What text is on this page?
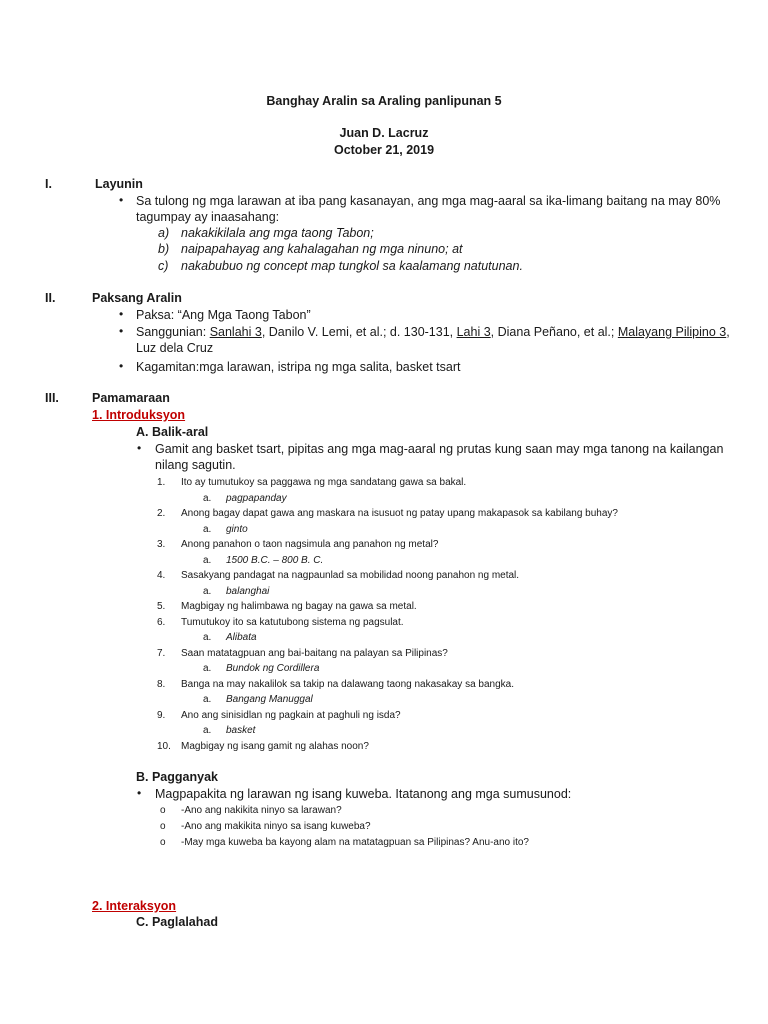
Banghay Aralin sa Araling panlipunan 5
Juan D. Lacruz
October 21, 2019
I.	Layunin
• Sa tulong ng mga larawan at iba pang kasanayan, ang mga mag-aaral sa ika-limang baitang na may 80%
tagumpay ay inaasahang:
a) nakakikilala ang mga taong Tabon;
b) naipapahayag ang kahalagahan ng mga ninuno; at
c) nakabubuo ng concept map tungkol sa kaalamang natutunan.
II.	Paksang Aralin
• Paksa: “Ang Mga Taong Tabon”
• Sanggunian: Sanlahi 3, Danilo V. Lemi, et al.; d. 130-131, Lahi 3, Diana Peñano, et al.; Malayang Pilipino 3,
Luz dela Cruz
• Kagamitan:mga larawan, istripa ng mga salita, basket tsart
III.	Pamamaraan
1. Introduksyon
A. Balik-aral
• Gamit ang basket tsart, pipitas ang mga mag-aaral ng prutas kung saan may mga tanong na kailangan
nilang sagutin.
1. Ito ay tumutukoy sa paggawa ng mga sandatang gawa sa bakal.
a. pagpapanday
2. Anong bagay dapat gawa ang maskara na isusuot ng patay upang makapasok sa kabilang buhay?
a. ginto
3. Anong panahon o taon nagsimula ang panahon ng metal?
a. 1500 B.C. – 800 B. C.
4. Sasakyang pandagat na nagpaunlad sa mobilidad noong panahon ng metal.
a. balanghai
5. Magbigay ng halimbawa ng bagay na gawa sa metal.
6. Tumutukoy ito sa katutubong sistema ng pagsulat.
a. Alibata
7. Saan matatagpuan ang bai-baitang na palayan sa Pilipinas?
a. Bundok ng Cordillera
8. Banga na may nakalilok sa takip na dalawang taong nakasakay sa bangka.
a. Bangang Manuggal
9. Ano ang sinisidlan ng pagkain at paghuli ng isda?
a. basket
10. Magbigay ng isang gamit ng alahas noon?
B. Pagganyak
• Magpapakita ng larawan ng isang kuweba. Itatanong ang mga sumusunod:
o -Ano ang nakikita ninyo sa larawan?
o -Ano ang makikita ninyo sa isang kuweba?
o -May mga kuweba ba kayong alam na matatagpuan sa Pilipinas? Anu-ano ito?
2. Interaksyon
C. Paglalahad
